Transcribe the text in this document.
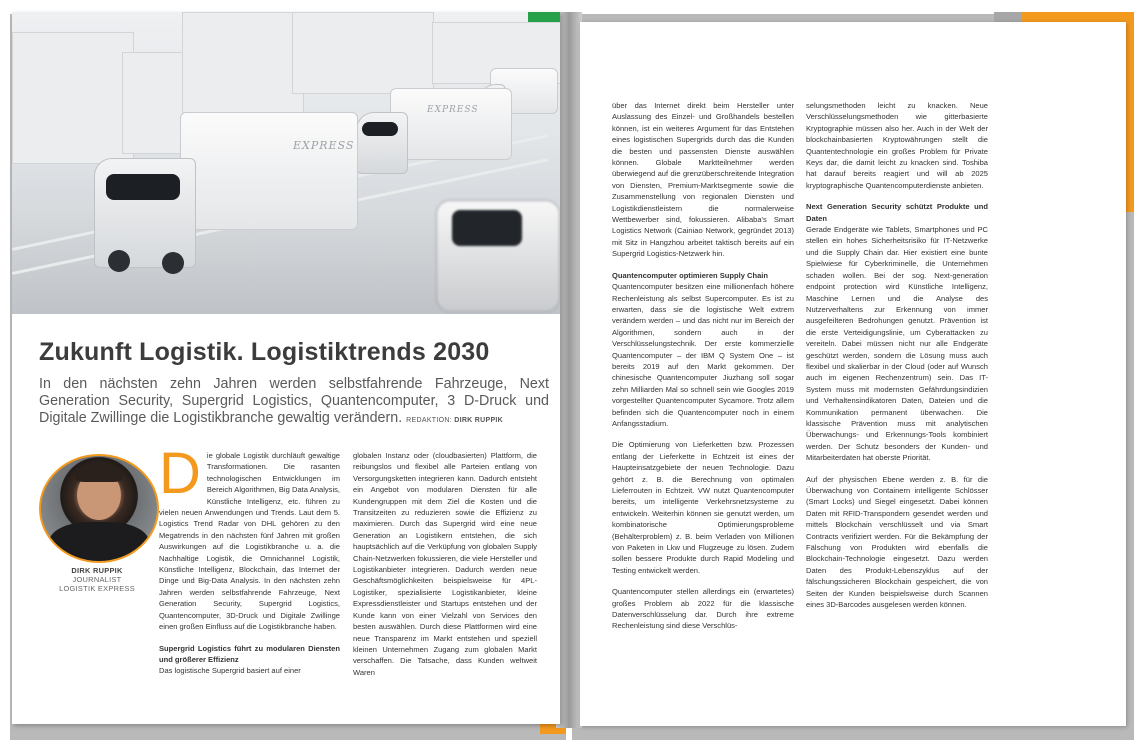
EXPRESS
EXPRESS
Zukunft Logistik. Logistiktrends 2030
In den nächsten zehn Jahren werden selbstfahrende Fahrzeuge, Next Generation Security, Supergrid Logistics, Quantencomputer, 3 D-Druck und Digitale Zwillinge die Logistikbranche gewaltig verändern. REDAKTION: DIRK RUPPIK
DIRK RUPPIK
JOURNALIST
LOGISTIK EXPRESS

Die globale Logistik durchläuft gewaltige Transformationen. Die rasanten technologischen Entwicklungen im Bereich Algorithmen, Big Data Analysis, Künstliche Intelligenz, etc. führen zu vielen neuen Anwendungen und Trends. Laut dem 5. Logistics Trend Radar von DHL gehören zu den Megatrends in den nächsten fünf Jahren mit großen Auswirkungen auf die Logistikbranche u. a. die Nachhaltige Logistik, die Omnichannel Logistik, Künstliche Intelligenz, Blockchain, das Internet der Dinge und Big-Data Analysis. In den nächsten zehn Jahren werden selbstfahrende Fahrzeuge, Next Generation Security, Supergrid Logistics, Quantencomputer, 3D-Druck und Digitale Zwillinge einen großen Einfluss auf die Logistikbranche haben.

Supergrid Logistics führt zu modularen Diensten und größerer Effizienz

Das logistische Supergrid basiert auf einer

globalen Instanz oder (cloudbasierten) Plattform, die reibungslos und flexibel alle Parteien entlang von Versorgungsketten integrieren kann. Dadurch entsteht ein Angebot von modularen Diensten für alle Kundengruppen mit dem Ziel die Kosten und die Transitzeiten zu reduzieren sowie die Effizienz zu maximieren. Durch das Supergrid wird eine neue Generation an Logistikern entstehen, die sich hauptsächlich auf die Verküpfung von globalen Supply Chain-Netzwerken fokussieren, die viele Hersteller und Logistikanbieter integrieren. Dadurch werden neue Geschäftsmöglichkeiten beispielsweise für 4PL-Logistiker, spezialisierte Logistikanbieter, kleine Expressdienstleister und Startups entstehen und der Kunde kann von einer Vielzahl von Services den besten auswählen. Durch diese Plattformen wird eine neue Transparenz im Markt entstehen und speziell kleinen Unternehmen Zugang zum globalen Markt verschaffen. Die Tatsache, dass Kunden weltweit Waren

über das Internet direkt beim Hersteller unter Auslassung des Einzel- und Großhandels bestellen können, ist ein weiteres Argument für das Entstehen eines logistischen Supergrids durch das die Kunden die besten und passensten Dienste auswählen können. Globale Marktteilnehmer werden überwiegend auf die grenzüberschreitende Integration von Diensten, Premium-Marktsegmente sowie die Zusammenstellung von regionalen Diensten und Logistikdienstleistern die normalerweise Wettbewerber sind, fokussieren. Alibaba's Smart Logistics Network (Cainiao Network, gegründet 2013) mit Sitz in Hangzhou arbeitet taktisch bereits auf ein Supergrid Logistics-Netzwerk hin.

Quantencomputer optimieren Supply Chain

Quantencomputer besitzen eine millionenfach höhere Rechenleistung als selbst Supercomputer. Es ist zu erwarten, dass sie die logistische Welt extrem verändern werden – und das nicht nur im Bereich der Algorithmen, sondern auch in der Verschlüsselungstechnik. Der erste kommerzielle Quantencomputer – der IBM Q System One – ist bereits 2019 auf den Markt gekommen. Der chinesische Quantencomputer Jiuzhang soll sogar zehn Milliarden Mal so schnell sein wie Googles 2019 vorgestellter Quantencomputer Sycamore. Trotz allem befinden sich die Quantencomputer noch in einem Anfangsstadium.

Die Optimierung von Lieferketten bzw. Prozessen entlang der Lieferkette in Echtzeit ist eines der Haupteinsatzgebiete der neuen Technologie. Dazu gehört z. B. die Berechnung von optimalen Lieferrouten in Echtzeit. VW nutzt Quantencomputer bereits, um intelligente Verkehrsnetzsysteme zu entwickeln. Weiterhin können sie genutzt werden, um kombinatorische Optimierungsprobleme (Behälterproblem) z. B. beim Verladen von Millionen von Paketen in Lkw und Flugzeuge zu lösen. Zudem sollen bessere Produkte durch Rapid Modeling und Testing entwickelt werden.

Quantencomputer stellen allerdings ein (erwartetes) großes Problem ab 2022 für die klassische Datenverschlüsselung dar. Durch ihre extreme Rechenleistung sind diese Verschlüs-

selungsmethoden leicht zu knacken. Neue Verschlüsselungsmethoden wie gitterbasierte Kryptographie müssen also her. Auch in der Welt der blockchainbasierten Kryptowährungen stellt die Quantentechnologie ein großes Problem für Private Keys dar, die damit leicht zu knacken sind. Toshiba hat darauf bereits reagiert und will ab 2025 kryptographische Quantencomputerdienste anbieten.

Next Generation Security schützt Produkte und Daten

Gerade Endgeräte wie Tablets, Smartphones und PC stellen ein hohes Sicherheitsrisiko für IT-Netzwerke und die Supply Chain dar. Hier existiert eine bunte Spielwiese für Cyberkriminelle, die Unternehmen schaden wollen. Bei der sog. Next-generation endpoint protection wird Künstliche Intelligenz, Maschine Lernen und die Analyse des Nutzerverhaltens zur Erkennung von immer ausgefeilteren Bedrohungen genutzt. Prävention ist die erste Verteidigungslinie, um Cyberattacken zu vereiteln. Dabei müssen nicht nur alle Endgeräte geschützt werden, sondern die Lösung muss auch flexibel und skalierbar in der Cloud (oder auf Wunsch auch im eigenen Rechenzentrum) sein. Das IT-System muss mit modernsten Gefährdungsindizien und Verhaltensindikatoren Daten, Dateien und die Kommunikation permanent überwachen. Die klassische Prävention muss mit analytischen Überwachungs- und Erkennungs-Tools kombiniert werden. Der Schutz besonders der Kunden- und Mitarbeiterdaten hat oberste Priorität.

Auf der physischen Ebene werden z. B. für die Überwachung von Containern intelligente Schlösser (Smart Locks) und Siegel eingesetzt. Dabei können Daten mit RFID-Transpondern gesendet werden und mittels Blockchain verschlüsselt und via Smart Contracts verifiziert werden. Für die Bekämpfung der Fälschung von Produkten wird ebenfalls die Blockchain-Technologie eingesetzt. Dazu werden Daten des Produkt-Lebenszyklus auf der fälschungssicheren Blockchain gespeichert, die von Seiten der Kunden beispielsweise durch Scannen eines 3D-Barcodes ausgelesen werden können.
